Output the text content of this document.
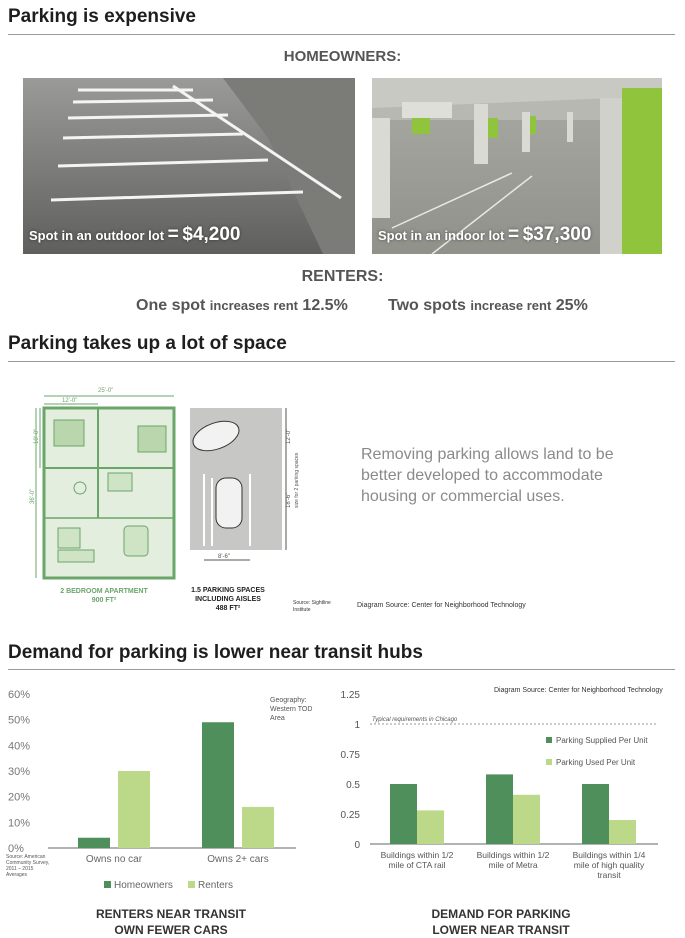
Parking is expensive
HOMEOWNERS:
Spot in an outdoor lot = $4,200	Spot in an indoor lot = $37,300
RENTERS:
One spot increases rent 12.5%	Two spots increase rent 25%
Parking takes up a lot of space
25'-0"
12'-0"
10'-0"
36'-0"
2 BEDROOM APARTMENT
900 FT²
12'-0"
18'-6" size for 2 parking spaces
8'-6"
1.5 PARKING SPACES
INCLUDING AISLES
488 FT²
Source: Sightline
Institute
Removing parking allows land to be better developed to accommodate housing or commercial uses.
Diagram Source: Center for Neighborhood Technology
Demand for parking is lower near transit hubs
0%
10%
20%
30%
40%
50%
60%
Owns no car	Owns 2+ cars
Geography:
Western TOD
Area
Source: American
Community Survey,
2011 – 2015
Averages
Homeowners	Renters
0
0.25
0.5
0.75
1
1.25
Typical requirements in Chicago
Buildings within 1/2
mile of CTA rail
Buildings within 1/2
mile of Metra
Buildings within 1/4
mile of high quality
transit
Parking Supplied Per Unit
Parking Used Per Unit
Diagram Source: Center for Neighborhood Technology
RENTERS NEAR TRANSIT
OWN FEWER CARS
DEMAND FOR PARKING
LOWER NEAR TRANSIT
